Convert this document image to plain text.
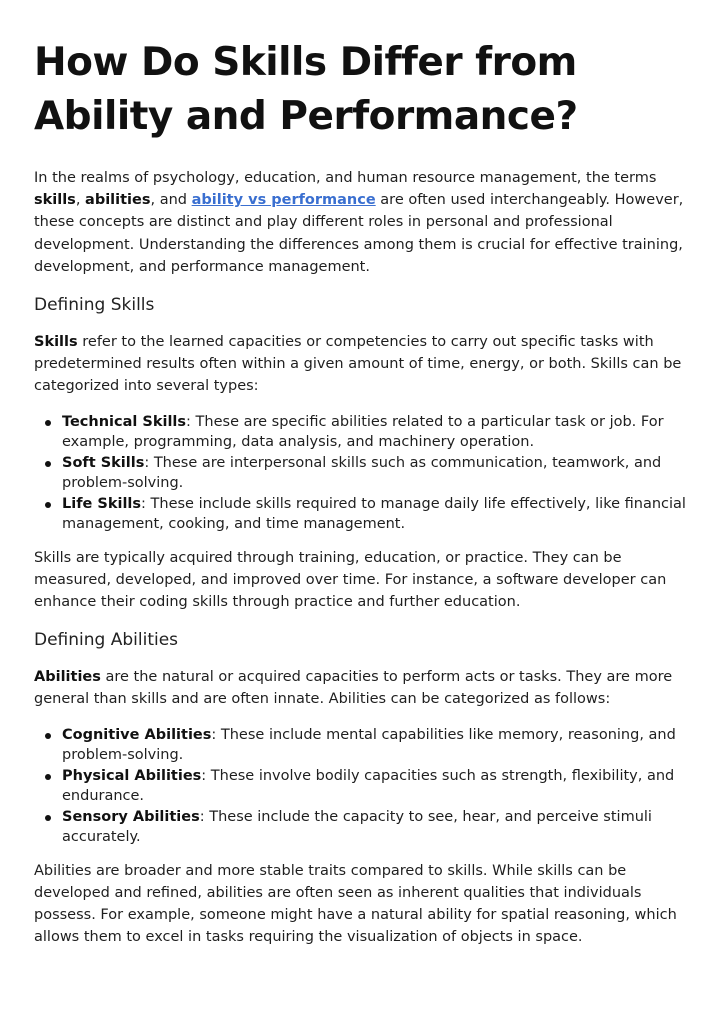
How Do Skills Differ from Ability and Performance?

In the realms of psychology, education, and human resource management, the terms skills, abilities, and ability vs performance are often used interchangeably. However, these concepts are distinct and play different roles in personal and professional development. Understanding the differences among them is crucial for effective training, development, and performance management.

Defining Skills

Skills refer to the learned capacities or competencies to carry out specific tasks with predetermined results often within a given amount of time, energy, or both. Skills can be categorized into several types:

Technical Skills: These are specific abilities related to a particular task or job. For example, programming, data analysis, and machinery operation.
Soft Skills: These are interpersonal skills such as communication, teamwork, and problem-solving.
Life Skills: These include skills required to manage daily life effectively, like financial management, cooking, and time management.

Skills are typically acquired through training, education, or practice. They can be measured, developed, and improved over time. For instance, a software developer can enhance their coding skills through practice and further education.

Defining Abilities

Abilities are the natural or acquired capacities to perform acts or tasks. They are more general than skills and are often innate. Abilities can be categorized as follows:

Cognitive Abilities: These include mental capabilities like memory, reasoning, and problem-solving.
Physical Abilities: These involve bodily capacities such as strength, flexibility, and endurance.
Sensory Abilities: These include the capacity to see, hear, and perceive stimuli accurately.

Abilities are broader and more stable traits compared to skills. While skills can be developed and refined, abilities are often seen as inherent qualities that individuals possess. For example, someone might have a natural ability for spatial reasoning, which allows them to excel in tasks requiring the visualization of objects in space.
